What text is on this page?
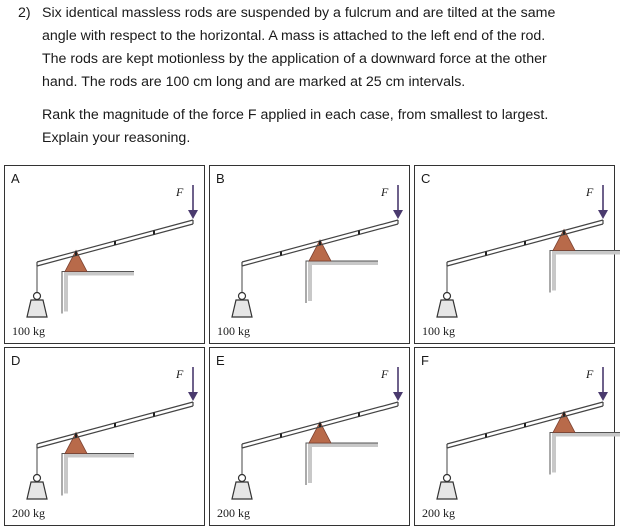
2) Six identical massless rods are suspended by a fulcrum and are tilted at the same
angle with respect to the horizontal. A mass is attached to the left end of the rod.
The rods are kept motionless by the application of a downward force at the other
hand. The rods are 100 cm long and are marked at 25 cm intervals.
Rank the magnitude of the force F applied in each case, from smallest to largest.
Explain your reasoning.
A
100 kg
F
B
100 kg
F
C
100 kg
F
D
200 kg
F
E
200 kg
F
F
200 kg
F
